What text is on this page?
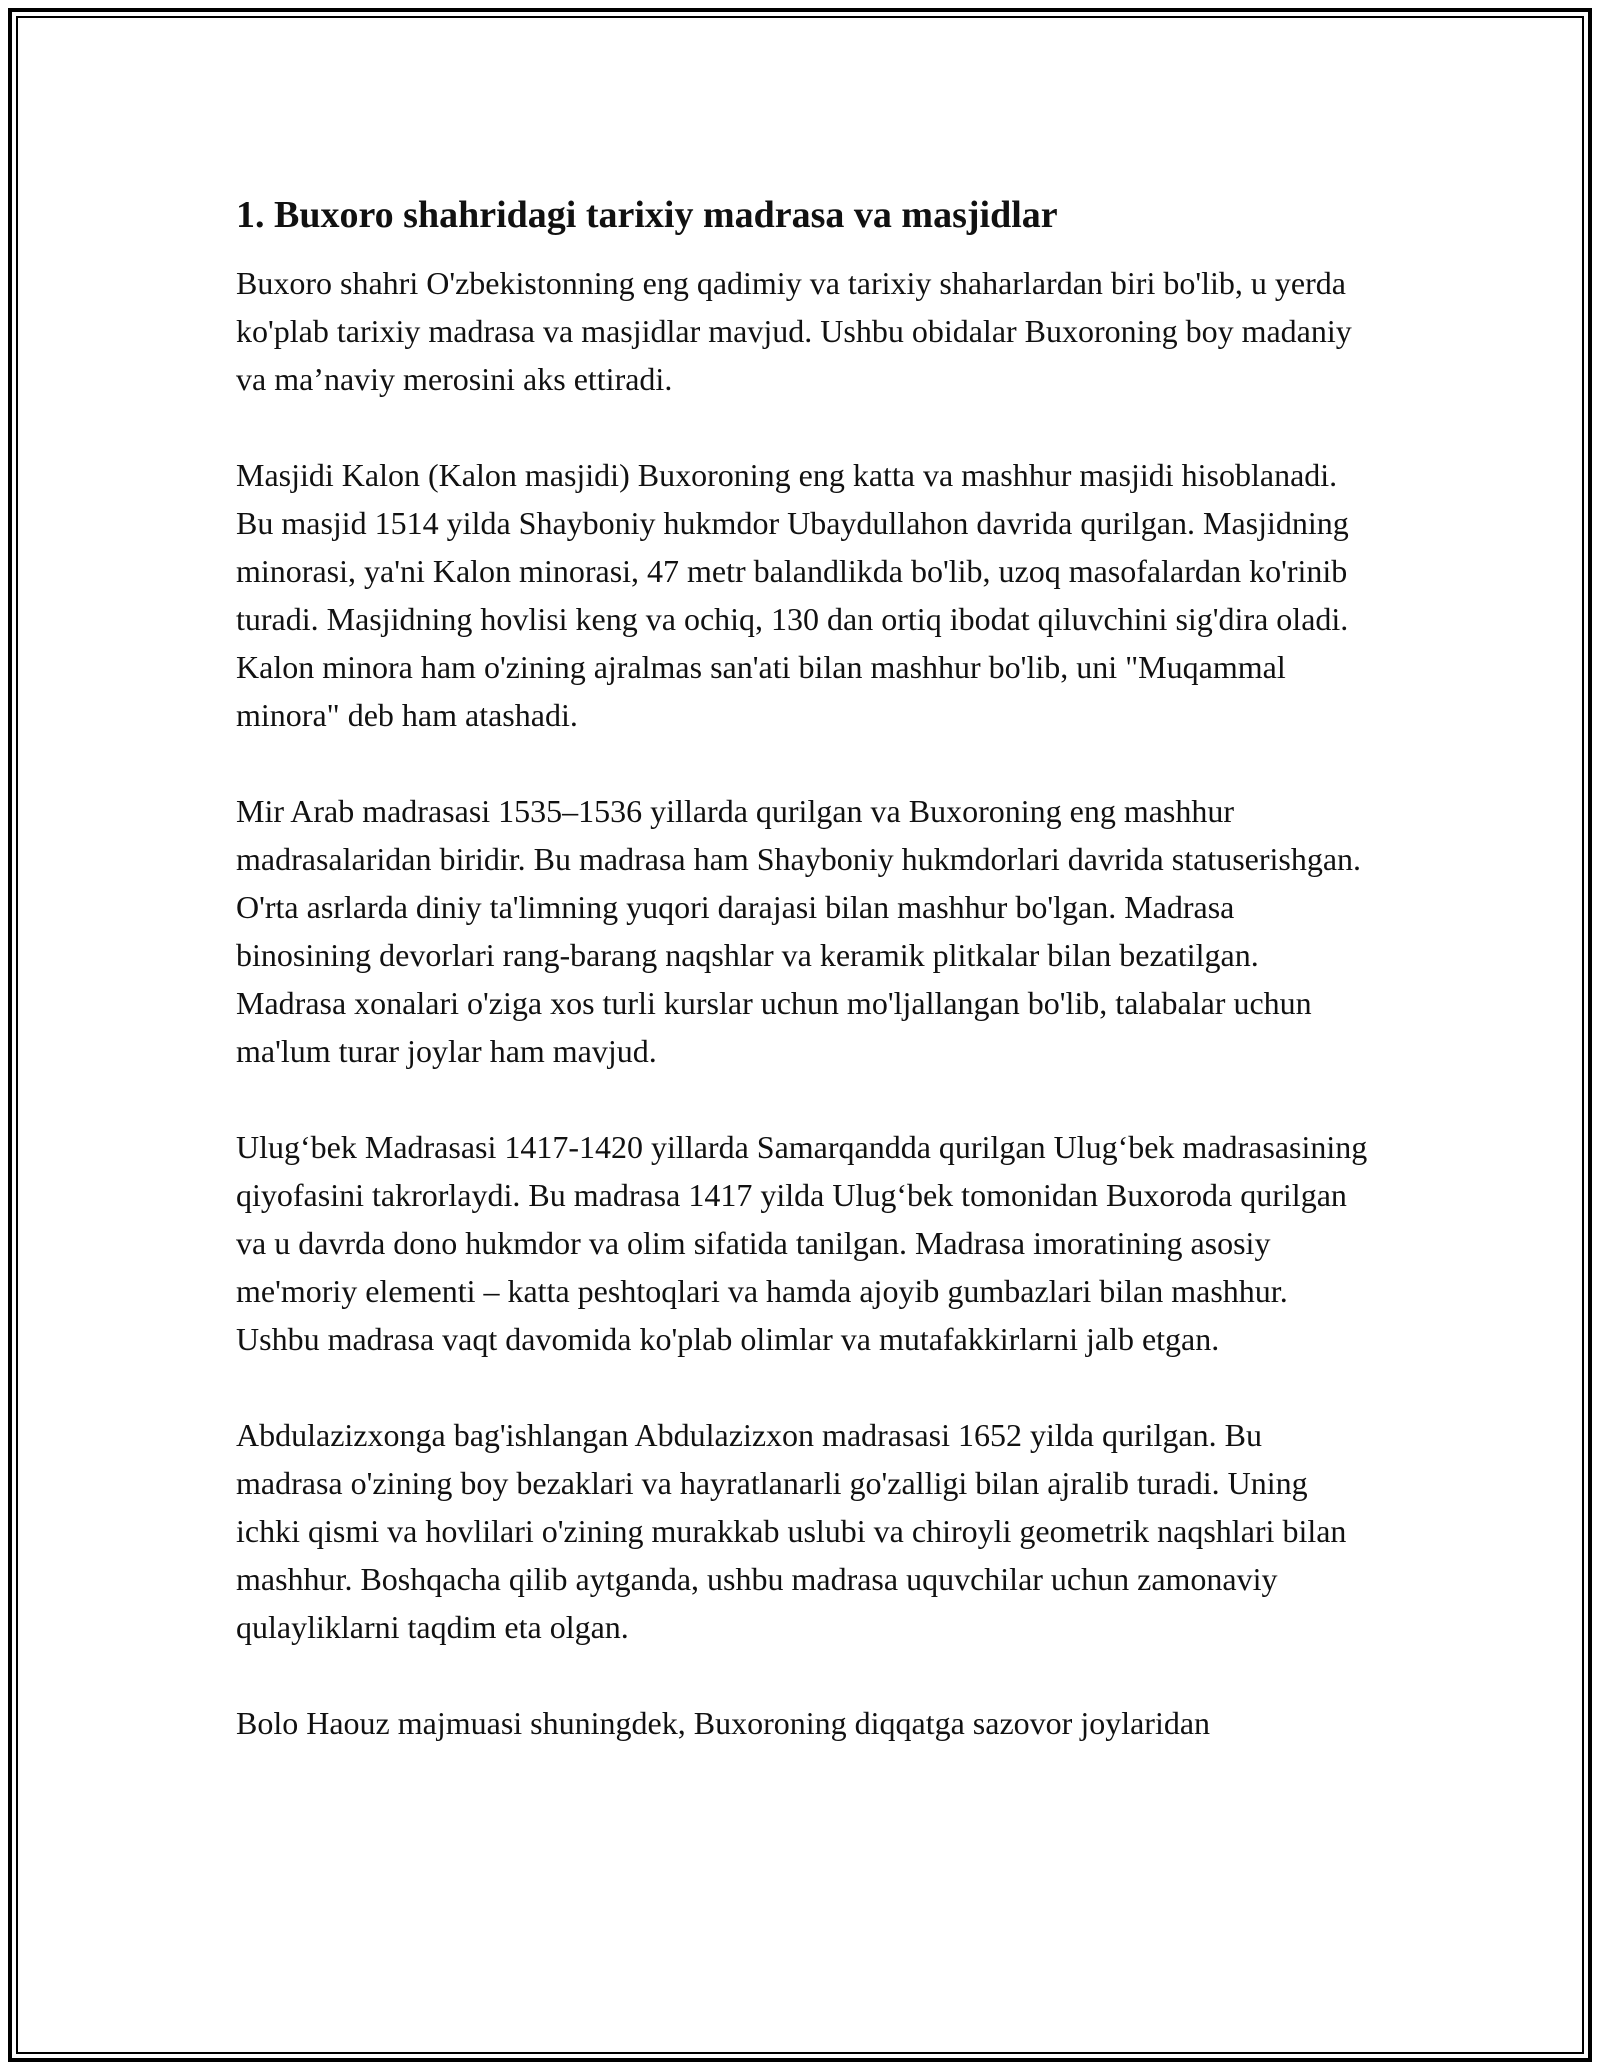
1. Buxoro shahridagi tarixiy madrasa va masjidlar

Buxoro shahri O'zbekistonning eng qadimiy va tarixiy shaharlardan biri bo'lib, u yerda ko'plab tarixiy madrasa va masjidlar mavjud. Ushbu obidalar Buxoroning boy madaniy va ma’naviy merosini aks ettiradi.

Masjidi Kalon (Kalon masjidi) Buxoroning eng katta va mashhur masjidi hisoblanadi. Bu masjid 1514 yilda Shayboniy hukmdor Ubaydullahon davrida qurilgan. Masjidning minorasi, ya'ni Kalon minorasi, 47 metr balandlikda bo'lib, uzoq masofalardan ko'rinib turadi. Masjidning hovlisi keng va ochiq, 130 dan ortiq ibodat qiluvchini sig'dira oladi. Kalon minora ham o'zining ajralmas san'ati bilan mashhur bo'lib, uni "Muqammal minora" deb ham atashadi.

Mir Arab madrasasi 1535–1536 yillarda qurilgan va Buxoroning eng mashhur madrasalaridan biridir. Bu madrasa ham Shayboniy hukmdorlari davrida statuserishgan. O'rta asrlarda diniy ta'limning yuqori darajasi bilan mashhur bo'lgan. Madrasa binosining devorlari rang-barang naqshlar va keramik plitkalar bilan bezatilgan. Madrasa xonalari o'ziga xos turli kurslar uchun mo'ljallangan bo'lib, talabalar uchun ma'lum turar joylar ham mavjud.

Ulug‘bek Madrasasi 1417-1420 yillarda Samarqandda qurilgan Ulug‘bek madrasasining qiyofasini takrorlaydi. Bu madrasa 1417 yilda Ulug‘bek tomonidan Buxoroda qurilgan va u davrda dono hukmdor va olim sifatida tanilgan. Madrasa imoratining asosiy me'moriy elementi – katta peshtoqlari va hamda ajoyib gumbazlari bilan mashhur. Ushbu madrasa vaqt davomida ko'plab olimlar va mutafakkirlarni jalb etgan.

Abdulazizxonga bag'ishlangan Abdulazizxon madrasasi 1652 yilda qurilgan. Bu madrasa o'zining boy bezaklari va hayratlanarli go'zalligi bilan ajralib turadi. Uning ichki qismi va hovlilari o'zining murakkab uslubi va chiroyli geometrik naqshlari bilan mashhur. Boshqacha qilib aytganda, ushbu madrasa uquvchilar uchun zamonaviy qulayliklarni taqdim eta olgan.

Bolo Haouz majmuasi shuningdek, Buxoroning diqqatga sazovor joylaridan
